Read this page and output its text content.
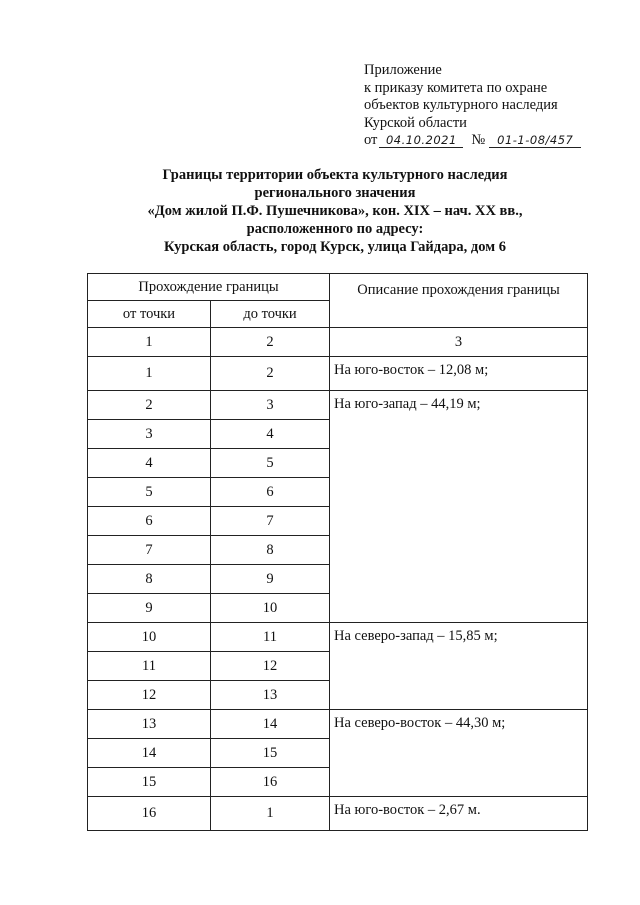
Приложение
к приказу комитета по охране
объектов культурного наследия
Курской области
от 04.10.2021	№	01-1-08/457
Границы территории объекта культурного наследия
регионального значения
«Дом жилой П.Ф. Пушечникова», кон. XIX – нач. XX вв.,
расположенного по адресу:
Курская область, город Курск, улица Гайдара, дом 6
Прохождение границы		Описание прохождения границы
от точки	до точки	
1	2	3
1	2	На юго-восток – 12,08 м;
2	3	На юго-запад – 44,19 м;
3	4	
4	5	
5	6	
6	7	
7	8	
8	9	
9	10	
10	11	На северо-запад – 15,85 м;
11	12	
12	13	
13	14	На северо-восток – 44,30 м;
14	15	
15	16	
16	1	На юго-восток – 2,67 м.
